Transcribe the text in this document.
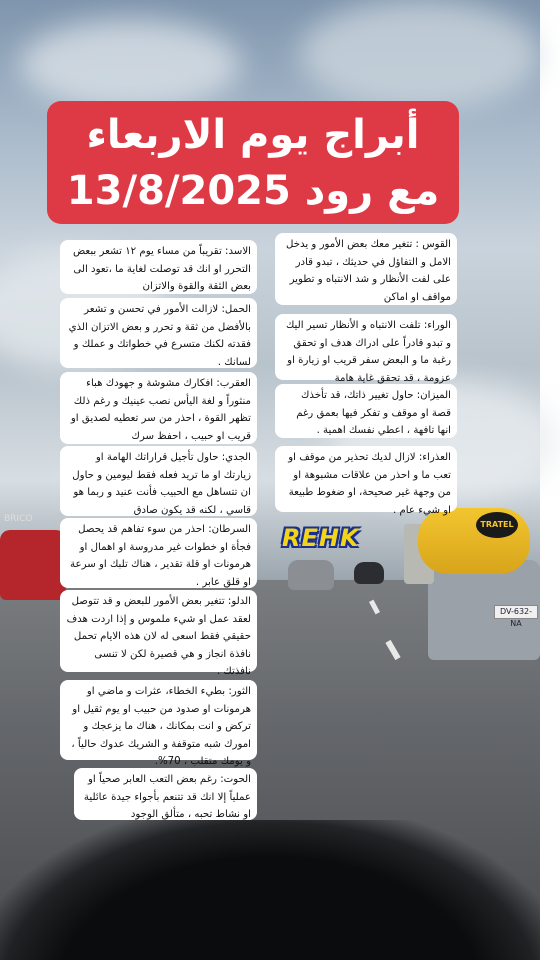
TRATEL
DV-632-NA
BRICO
REHK
أبراج يوم الاربعاء
مع رود 13/8/2025
الاسد: تقريباً من مساء يوم ١٢ تشعر ببعض التحرر او انك قد توصلت لغاية ما ،تعود الى بعض الثقة والقوة والاتزان
الحمل: لازالت الأمور في تحسن و تشعر بالأفضل من ثقة و تحرر و بعض الاتزان الذي فقدته لكنك متسرع في خطواتك و عملك و لسانك .
العقرب: افكارك مشوشة و جهودك هباء منثوراً و لغة اليأس نصب عينيك و رغم ذلك تظهر القوة ، احذر من سر تعطيه لصديق او قريب او حبيب ، احفظ سرك
الجدي: حاول تأجيل قراراتك الهامة او زيارتك او ما تريد فعله فقط ليومين و حاول ان تتساهل مع الحبيب فأنت عنيد و ربما هو قاسي ، لكنه قد يكون صادق
السرطان: احذر من سوء تفاهم قد يحصل فجأة او خطوات غير مدروسة او اهمال او هرمونات او قلة تقدير ، هناك تلبك او سرعة او قلق عابر .
الدلو: تتغير بعض الأمور للبعض و قد تتوصل لعقد عمل او شيء ملموس و إذا اردت هدف حقيقي فقط اسعى له لان هذه الايام تحمل نافذة انجاز و هي قصيرة لكن لا تنسى نافذتك .
الثور: بطيء الخطاء، عثرات و ماضي او هرمونات او صدود من حبيب او يوم ثقيل او تركض و انت بمكانك ، هناك ما يزعجك و امورك شبه متوقفة و الشريك عدوك حالياً ، و يومك متقلب ، 70%.
الحوت: رغم بعض التعب العابر صحياً او عملياً إلا انك قد تتنعم بأجواء جيدة عائلية او نشاط تحبه ، متألق الوجود
القوس : تتغير معك بعض الأمور و يدخل الامل و التفاؤل في حديثك ، تبدو قادر على لفت الأنظار و شد الانتباه و تطوير مواقف او اماكن
الوراء: تلفت الانتباه و الأنظار تسير اليك و تبدو قادراً على ادراك هدف او تحقق رغبة ما و البعض سفر قريب او زيارة او عزومة ، قد تحقق غاية هامة
الميزان: حاول تغيير ذاتك، قد تأخذك قصة او موقف و تفكر فيها بعمق رغم انها تافهة ، اعطي نفسك اهمية .
العذراء: لازال لديك تحذير من موقف او تعب ما و احذر من علاقات مشبوهة او من وجهة غير صحيحة، او ضغوط طبيعة او شيء عام .
